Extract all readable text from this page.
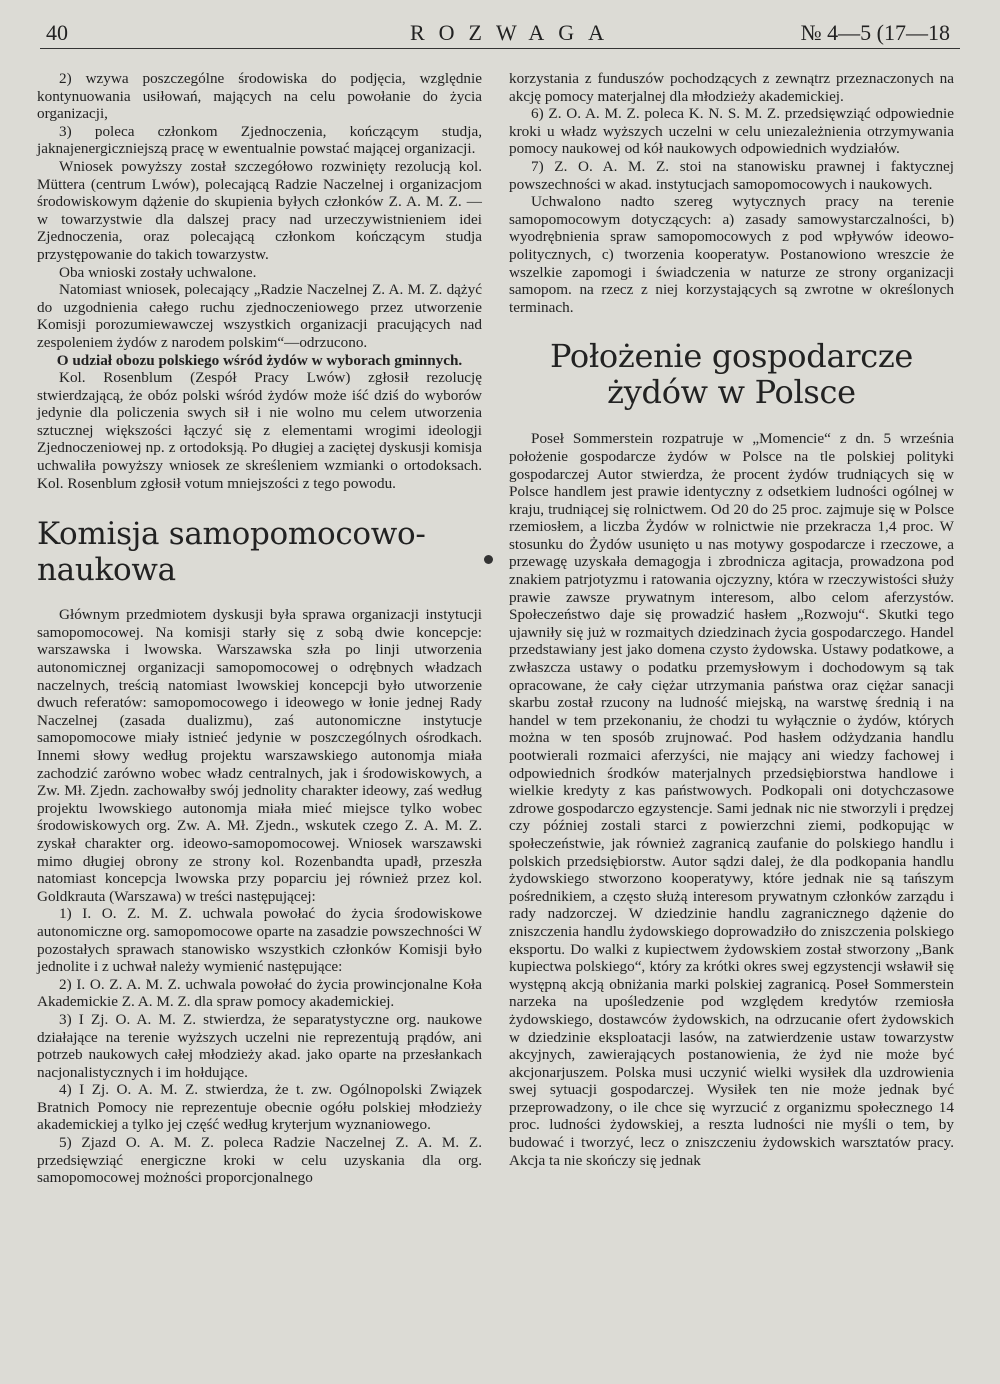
40	ROZWAGA	№ 4—5 (17—18

2) wzywa poszczególne środowiska do podjęcia, względnie kontynuowania usiłowań, mających na celu powołanie do życia organizacji,

3) poleca członkom Zjednoczenia, kończącym studja, jaknajenergiczniejszą pracę w ewentualnie powstać mającej organizacji.

Wniosek powyższy został szczegółowo rozwinięty rezolucją kol. Müttera (centrum Lwów), polecającą Radzie Naczelnej i organizacjom środowiskowym dążenie do skupienia byłych członków Z. A. M. Z. — w towarzystwie dla dalszej pracy nad urzeczywistnieniem idei Zjednoczenia, oraz polecającą członkom kończącym studja przystępowanie do takich towarzystw.

Oba wnioski zostały uchwalone.

Natomiast wniosek, polecający „Radzie Naczelnej Z. A. M. Z. dążyć do uzgodnienia całego ruchu zjednoczeniowego przez utworzenie Komisji porozumiewawczej wszystkich organizacji pracujących nad zespoleniem żydów z narodem polskim“—odrzucono.

O udział obozu polskiego wśród żydów w wyborach gminnych.

Kol. Rosenblum (Zespół Pracy Lwów) zgłosił rezolucję stwierdzającą, że obóz polski wśród żydów może iść dziś do wyborów jedynie dla policzenia swych sił i nie wolno mu celem utworzenia sztucznej większości łączyć się z elementami wrogimi ideologji Zjednoczeniowej np. z ortodoksją. Po długiej a zaciętej dyskusji komisja uchwaliła powyższy wniosek ze skreśleniem wzmianki o ortodoksach. Kol. Rosenblum zgłosił votum mniejszości z tego powodu.

Komisja samopomocowo-naukowa

Głównym przedmiotem dyskusji była sprawa organizacji instytucji samopomocowej. Na komisji starły się z sobą dwie koncepcje: warszawska i lwowska. Warszawska szła po linji utworzenia autonomicznej organizacji samopomocowej o odrębnych władzach naczelnych, treścią natomiast lwowskiej koncepcji było utworzenie dwuch referatów: samopomocowego i ideowego w łonie jednej Rady Naczelnej (zasada dualizmu), zaś autonomiczne instytucje samopomocowe miały istnieć jedynie w poszczególnych ośrodkach. Innemi słowy według projektu warszawskiego autonomja miała zachodzić zarówno wobec władz centralnych, jak i środowiskowych, a Zw. Mł. Zjedn. zachowałby swój jednolity charakter ideowy, zaś według projektu lwowskiego autonomja miała mieć miejsce tylko wobec środowiskowych org. Zw. A. Mł. Zjedn., wskutek czego Z. A. M. Z. zyskał charakter org. ideowo-samopomocowej. Wniosek warszawski mimo długiej obrony ze strony kol. Rozenbandta upadł, przeszła natomiast koncepcja lwowska przy poparciu jej również przez kol. Goldkrauta (Warszawa) w treści następującej:

1) I. O. Z. M. Z. uchwala powołać do życia środowiskowe autonomiczne org. samopomocowe oparte na zasadzie powszechności W pozostałych sprawach stanowisko wszystkich członków Komisji było jednolite i z uchwał należy wymienić następujące:

2) I. O. Z. A. M. Z. uchwala powołać do życia prowincjonalne Koła Akademickie Z. A. M. Z. dla spraw pomocy akademickiej.

3) I Zj. O. A. M. Z. stwierdza, że separatystyczne org. naukowe działające na terenie wyższych uczelni nie reprezentują prądów, ani potrzeb naukowych całej młodzieży akad. jako oparte na przesłankach nacjonalistycznych i im hołdujące.

4) I Zj. O. A. M. Z. stwierdza, że t. zw. Ogólnopolski Związek Bratnich Pomocy nie reprezentuje obecnie ogółu polskiej młodzieży akademickiej a tylko jej część według kryterjum wyznaniowego.

5) Zjazd O. A. M. Z. poleca Radzie Naczelnej Z. A. M. Z. przedsięwziąć energiczne kroki w celu uzyskania dla org. samopomocowej możności proporcjonalnego

korzystania z funduszów pochodzących z zewnątrz przeznaczonych na akcję pomocy materjalnej dla młodzieży akademickiej.

6) Z. O. A. M. Z. poleca K. N. S. M. Z. przedsięwziąć odpowiednie kroki u władz wyższych uczelni w celu uniezależnienia otrzymywania pomocy naukowej od kół naukowych odpowiednich wydziałów.

7) Z. O. A. M. Z. stoi na stanowisku prawnej i faktycznej powszechności w akad. instytucjach samopomocowych i naukowych.

Uchwalono nadto szereg wytycznych pracy na terenie samopomocowym dotyczących: a) zasady samowystarczalności, b) wyodrębnienia spraw samopomocowych z pod wpływów ideowo-politycznych, c) tworzenia kooperatyw. Postanowiono wreszcie że wszelkie zapomogi i świadczenia w naturze ze strony organizacji samopom. na rzecz z niej korzystających są zwrotne w określonych terminach.

Położenie gospodarcze żydów w Polsce

Poseł Sommerstein rozpatruje w „Momencie“ z dn. 5 września położenie gospodarcze żydów w Polsce na tle polskiej polityki gospodarczej Autor stwierdza, że procent żydów trudniących się w Polsce handlem jest prawie identyczny z odsetkiem ludności ogólnej w kraju, trudniącej się rolnictwem. Od 20 do 25 proc. zajmuje się w Polsce rzemiosłem, a liczba Żydów w rolnictwie nie przekracza 1,4 proc. W stosunku do Żydów usunięto u nas motywy gospodarcze i rzeczowe, a przewagę uzyskała demagogja i zbrodnicza agitacja, prowadzona pod znakiem patrjotyzmu i ratowania ojczyzny, która w rzeczywistości służy prawie zawsze prywatnym interesom, albo celom aferzystów. Społeczeństwo daje się prowadzić hasłem „Rozwoju“. Skutki tego ujawniły się już w rozmaitych dziedzinach życia gospodarczego. Handel przedstawiany jest jako domena czysto żydowska. Ustawy podatkowe, a zwłaszcza ustawy o podatku przemysłowym i dochodowym są tak opracowane, że cały ciężar utrzymania państwa oraz ciężar sanacji skarbu został rzucony na ludność miejską, na warstwę średnią i na handel w tem przekonaniu, że chodzi tu wyłącznie o żydów, których można w ten sposób zrujnować. Pod hasłem odżydzania handlu pootwierali rozmaici aferzyści, nie mający ani wiedzy fachowej i odpowiednich środków materjalnych przedsiębiorstwa handlowe i wielkie kredyty z kas państwowych. Podkopali oni dotychczasowe zdrowe gospodarczo egzystencje. Sami jednak nic nie stworzyli i prędzej czy później zostali starci z powierzchni ziemi, podkopując w społeczeństwie, jak również zagranicą zaufanie do polskiego handlu i polskich przedsiębiorstw. Autor sądzi dalej, że dla podkopania handlu żydowskiego stworzono kooperatywy, które jednak nie są tańszym pośrednikiem, a często służą interesom prywatnym członków zarządu i rady nadzorczej. W dziedzinie handlu zagranicznego dążenie do zniszczenia handlu żydowskiego doprowadziło do zniszczenia polskiego eksportu. Do walki z kupiectwem żydowskiem został stworzony „Bank kupiectwa polskiego“, który za krótki okres swej egzystencji wsławił się występną akcją obniżania marki polskiej zagranicą. Poseł Sommerstein narzeka na upośledzenie pod względem kredytów rzemiosła żydowskiego, dostawców żydowskich, na odrzucanie ofert żydowskich w dziedzinie eksploatacji lasów, na zatwierdzenie ustaw towarzystw akcyjnych, zawierających postanowienia, że żyd nie może być akcjonarjuszem. Polska musi uczynić wielki wysiłek dla uzdrowienia swej sytuacji gospodarczej. Wysiłek ten nie może jednak być przeprowadzony, o ile chce się wyrzucić z organizmu społecznego 14 proc. ludności żydowskiej, a reszta ludności nie myśli o tem, by budować i tworzyć, lecz o zniszczeniu żydowskich warsztatów pracy. Akcja ta nie skończy się jednak
